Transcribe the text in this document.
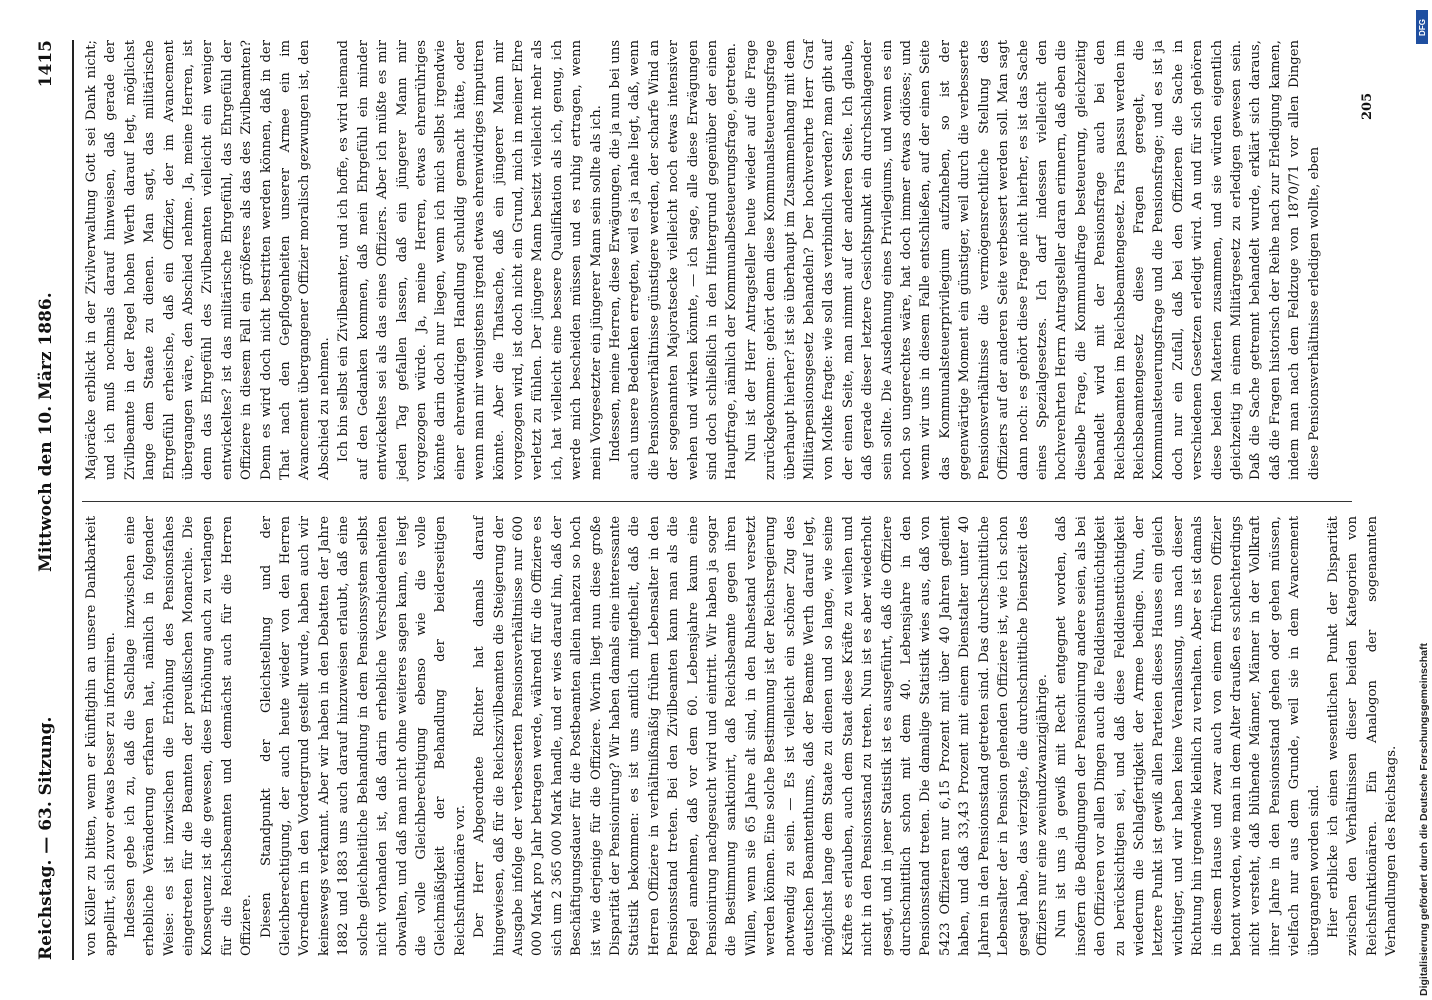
Reichstag. — 63. Sitzung.
Mittwoch den 10. März 1886.
1415

von Köller zu bitten, wenn er künftighin an unsere Dankbarkeit appellirt, sich zuvor etwas besser zu informiren. Indessen gebe ich zu, daß die Sachlage inzwischen eine erhebliche Veränderung erfahren hat, nämlich in folgender Weise: es ist inzwischen die Erhöhung des Pensionsfahes eingetreten für die Beamten der preußischen Monarchie. Die Konsequenz ist die gewesen, diese Erhöhung auch zu verlangen für die Reichsbeamten und demnächst auch für die Herren Offiziere. Diesen Standpunkt der Gleichstellung und der Gleichberechtigung, der auch heute wieder von den Herren Vorrednern in den Vordergrund gestellt wurde, haben auch wir keineswegs verkannt. Aber wir haben in den Debatten der Jahre 1882 und 1883 uns auch darauf hinzuweisen erlaubt, daß eine solche gleichheitliche Behandlung in dem Pensionssystem selbst nicht vorhanden ist, daß darin erhebliche Verschiedenheiten obwalten, und daß man nicht ohne weiteres sagen kann, es liegt die volle Gleichberechtigung ebenso wie die volle Gleichmäßigkeit der Behandlung der beiderseitigen Reichsfunktionäre vor. Der Herr Abgeordnete Richter hat damals darauf hingewiesen, daß für die Reichszivilbeamten die Steigerung der Ausgabe infolge der verbesserten Pensionsverhältnisse nur 600 000 Mark pro Jahr betragen werde, während für die Offiziere es sich um 2 365 000 Mark handle, und er wies darauf hin, daß der Beschäftigungsdauer für die Postbeamten allein nahezu so hoch ist wie derjenige für die Offiziere. Worin liegt nun diese große Disparität der Pensionirung? Wir haben damals eine interessante Statistik bekommen: es ist uns amtlich mitgetheilt, daß die Herren Offiziere in verhältnißmäßig frühem Lebensalter in den Pensionsstand treten. Bei den Zivilbeamten kann man als die Regel annehmen, daß vor dem 60. Lebensjahre kaum eine Pensionirung nachgesucht wird und eintritt. Wir haben ja sogar die Bestimmung sanktionirt, daß Reichsbeamte gegen ihren Willen, wenn sie 65 Jahre alt sind, in den Ruhestand versetzt werden können. Eine solche Bestimmung ist der Reichsregierung notwendig zu sein. — Es ist vielleicht ein schöner Zug des deutschen Beamtenthums, daß der Beamte Werth darauf legt, möglichst lange dem Staate zu dienen und so lange, wie seine Kräfte es erlauben, auch dem Staat diese Kräfte zu weihen und nicht in den Pensionsstand zu treten. Nun ist es aber wiederholt gesagt, und in jener Statistik ist es ausgeführt, daß die Offiziere durchschnittlich schon mit dem 40. Lebensjahre in den Pensionsstand treten. Die damalige Statistik wies aus, daß von 5423 Offizieren nur 6,15 Prozent mit über 40 Jahren gedient haben, und daß 33,43 Prozent mit einem Dienstalter unter 40 Jahren in den Pensionsstand getreten sind. Das durchschnittliche Lebensalter der in Pension gehenden Offiziere ist, wie ich schon gesagt habe, das vierzigste, die durchschnittliche Dienstzeit des Offiziers nur eine zweiundzwanzigjährige. Nun ist uns ja gewiß mit Recht entgegnet worden, daß insofern die Bedingungen der Pensionirung andere seien, als bei den Offizieren vor allen Dingen auch die Felddienstuntüchtigkeit zu berücksichtigen sei, und daß diese Felddiensttüchtigkeit wiederum die Schlagfertigkeit der Armee bedinge. Nun, der letztere Punkt ist gewiß allen Parteien dieses Hauses ein gleich wichtiger, und wir haben keine Veranlassung, uns nach dieser Richtung hin irgendwie kleinlich zu verhalten. Aber es ist damals in diesem Hause und zwar auch von einem früheren Offizier betont worden, wie man in dem Alter draußen es schlechterdings nicht versteht, daß blühende Männer, Männer in der Vollkraft ihrer Jahre in den Pensionsstand gehen oder gehen müssen, vielfach nur aus dem Grunde, weil sie in dem Avancement übergangen worden sind. Hier erblicke ich einen wesentlichen Punkt der Disparität zwischen den Verhältnissen dieser beiden Kategorien von Reichsfunktionären. Ein Analogon der sogenannten Verhandlungen des Reichstags.

Majoräcke erblickt in der Zivilverwaltung Gott sei Dank nicht; und ich muß nochmals darauf hinweisen, daß gerade der Zivilbeamte in der Regel hohen Werth darauf legt, möglichst lange dem Staate zu dienen. Man sagt, das militärische Ehrgefühl erheische, daß ein Offizier, der im Avancement übergangen wäre, den Abschied nehme. Ja, meine Herren, ist denn das Ehrgefühl des Zivilbeamten vielleicht ein weniger entwickeltes? ist das militärische Ehrgefühl, das Ehrgefühl der Offiziere in diesem Fall ein größeres als das des Zivilbeamten? Denn es wird doch nicht bestritten werden können, daß in der That nach den Gepflogenheiten unserer Armee ein im Avancement übergangener Offizier moralisch gezwungen ist, den Abschied zu nehmen. Ich bin selbst ein Zivilbeamter, und ich hoffe, es wird niemand auf den Gedanken kommen, daß mein Ehrgefühl ein minder entwickeltes sei als das eines Offiziers. Aber ich müßte es mir jeden Tag gefallen lassen, daß ein jüngerer Mann mir vorgezogen würde. Ja, meine Herren, etwas ehrenrühriges könnte darin doch nur liegen, wenn ich mich selbst irgendwie einer ehrenwidrigen Handlung schuldig gemacht hätte, oder wenn man mir wenigstens irgend etwas ehrenwidriges imputiren könnte. Aber die Thatsache, daß ein jüngerer Mann mir vorgezogen wird, ist doch nicht ein Grund, mich in meiner Ehre verletzt zu fühlen. Der jüngere Mann besitzt vielleicht mehr als ich, hat vielleicht eine bessere Qualifikation als ich, genug, ich werde mich bescheiden müssen und es ruhig ertragen, wenn mein Vorgesetzter ein jüngerer Mann sein sollte als ich. Indessen, meine Herren, diese Erwägungen, die ja nun bei uns auch unsere Bedenken erregten, weil es ja nahe liegt, daß, wenn die Pensionsverhältnisse günstigere werden, der scharfe Wind an der sogenannten Majoratsecke vielleicht noch etwas intensiver wehen und wirken könnte, — ich sage, alle diese Erwägungen sind doch schließlich in den Hintergrund gegenüber der einen Hauptfrage, nämlich der Kommunalbesteuerungsfrage, getreten. Nun ist der Herr Antragsteller heute wieder auf die Frage zurückgekommen: gehört denn diese Kommunalsteuerungsfrage überhaupt hierher? ist sie überhaupt im Zusammenhang mit dem Militärpensionsgesetz behandeln? Der hochverehrte Herr Graf von Moltke fragte: wie soll das verbindlich werden? man gibt auf der einen Seite, man nimmt auf der anderen Seite. Ich glaube, daß gerade dieser letztere Gesichtspunkt ein durchschlagender sein sollte. Die Ausdehnung eines Privilegiums, und wenn es ein noch so ungerechtes wäre, hat doch immer etwas odiöses; und wenn wir uns in diesem Falle entschließen, auf der einen Seite das Kommunalsteuerprivilegium aufzuheben, so ist der gegenwärtige Moment ein günstiger, weil durch die verbesserte Pensionsverhältnisse die vermögensrechtliche Stellung des Offiziers auf der anderen Seite verbessert werden soll. Man sagt dann noch: es gehört diese Frage nicht hierher, es ist das Sache eines Spezialgesetzes. Ich darf indessen vielleicht den hochverehrten Herrn Antragsteller daran erinnern, daß eben die dieselbe Frage, die Kommunalfrage besteuerung, gleichzeitig behandelt wird mit der Pensionsfrage auch bei den Reichsbeamten im Reichsbeamtengesetz. Paris passu werden im Reichsbeamtengesetz diese Fragen geregelt, die Kommunalsteuerungsfrage und die Pensionsfrage; und es ist ja doch nur ein Zufall, daß bei den Offizieren die Sache in verschiedenen Gesetzen erledigt wird. An und für sich gehören diese beiden Materien zusammen, und sie würden eigentlich gleichzeitig in einem Militärgesetz zu erledigen gewesen sein. Daß die Sache getrennt behandelt wurde, erklärt sich daraus, daß die Fragen historisch der Reihe nach zur Erledigung kamen, indem man nach dem Feldzuge von 1870/71 vor allen Dingen diese Pensionsverhältnisse erledigen wollte, eben

205
DFG
Digitalisierung gefördert durch die Deutsche Forschungsgemeinschaft
